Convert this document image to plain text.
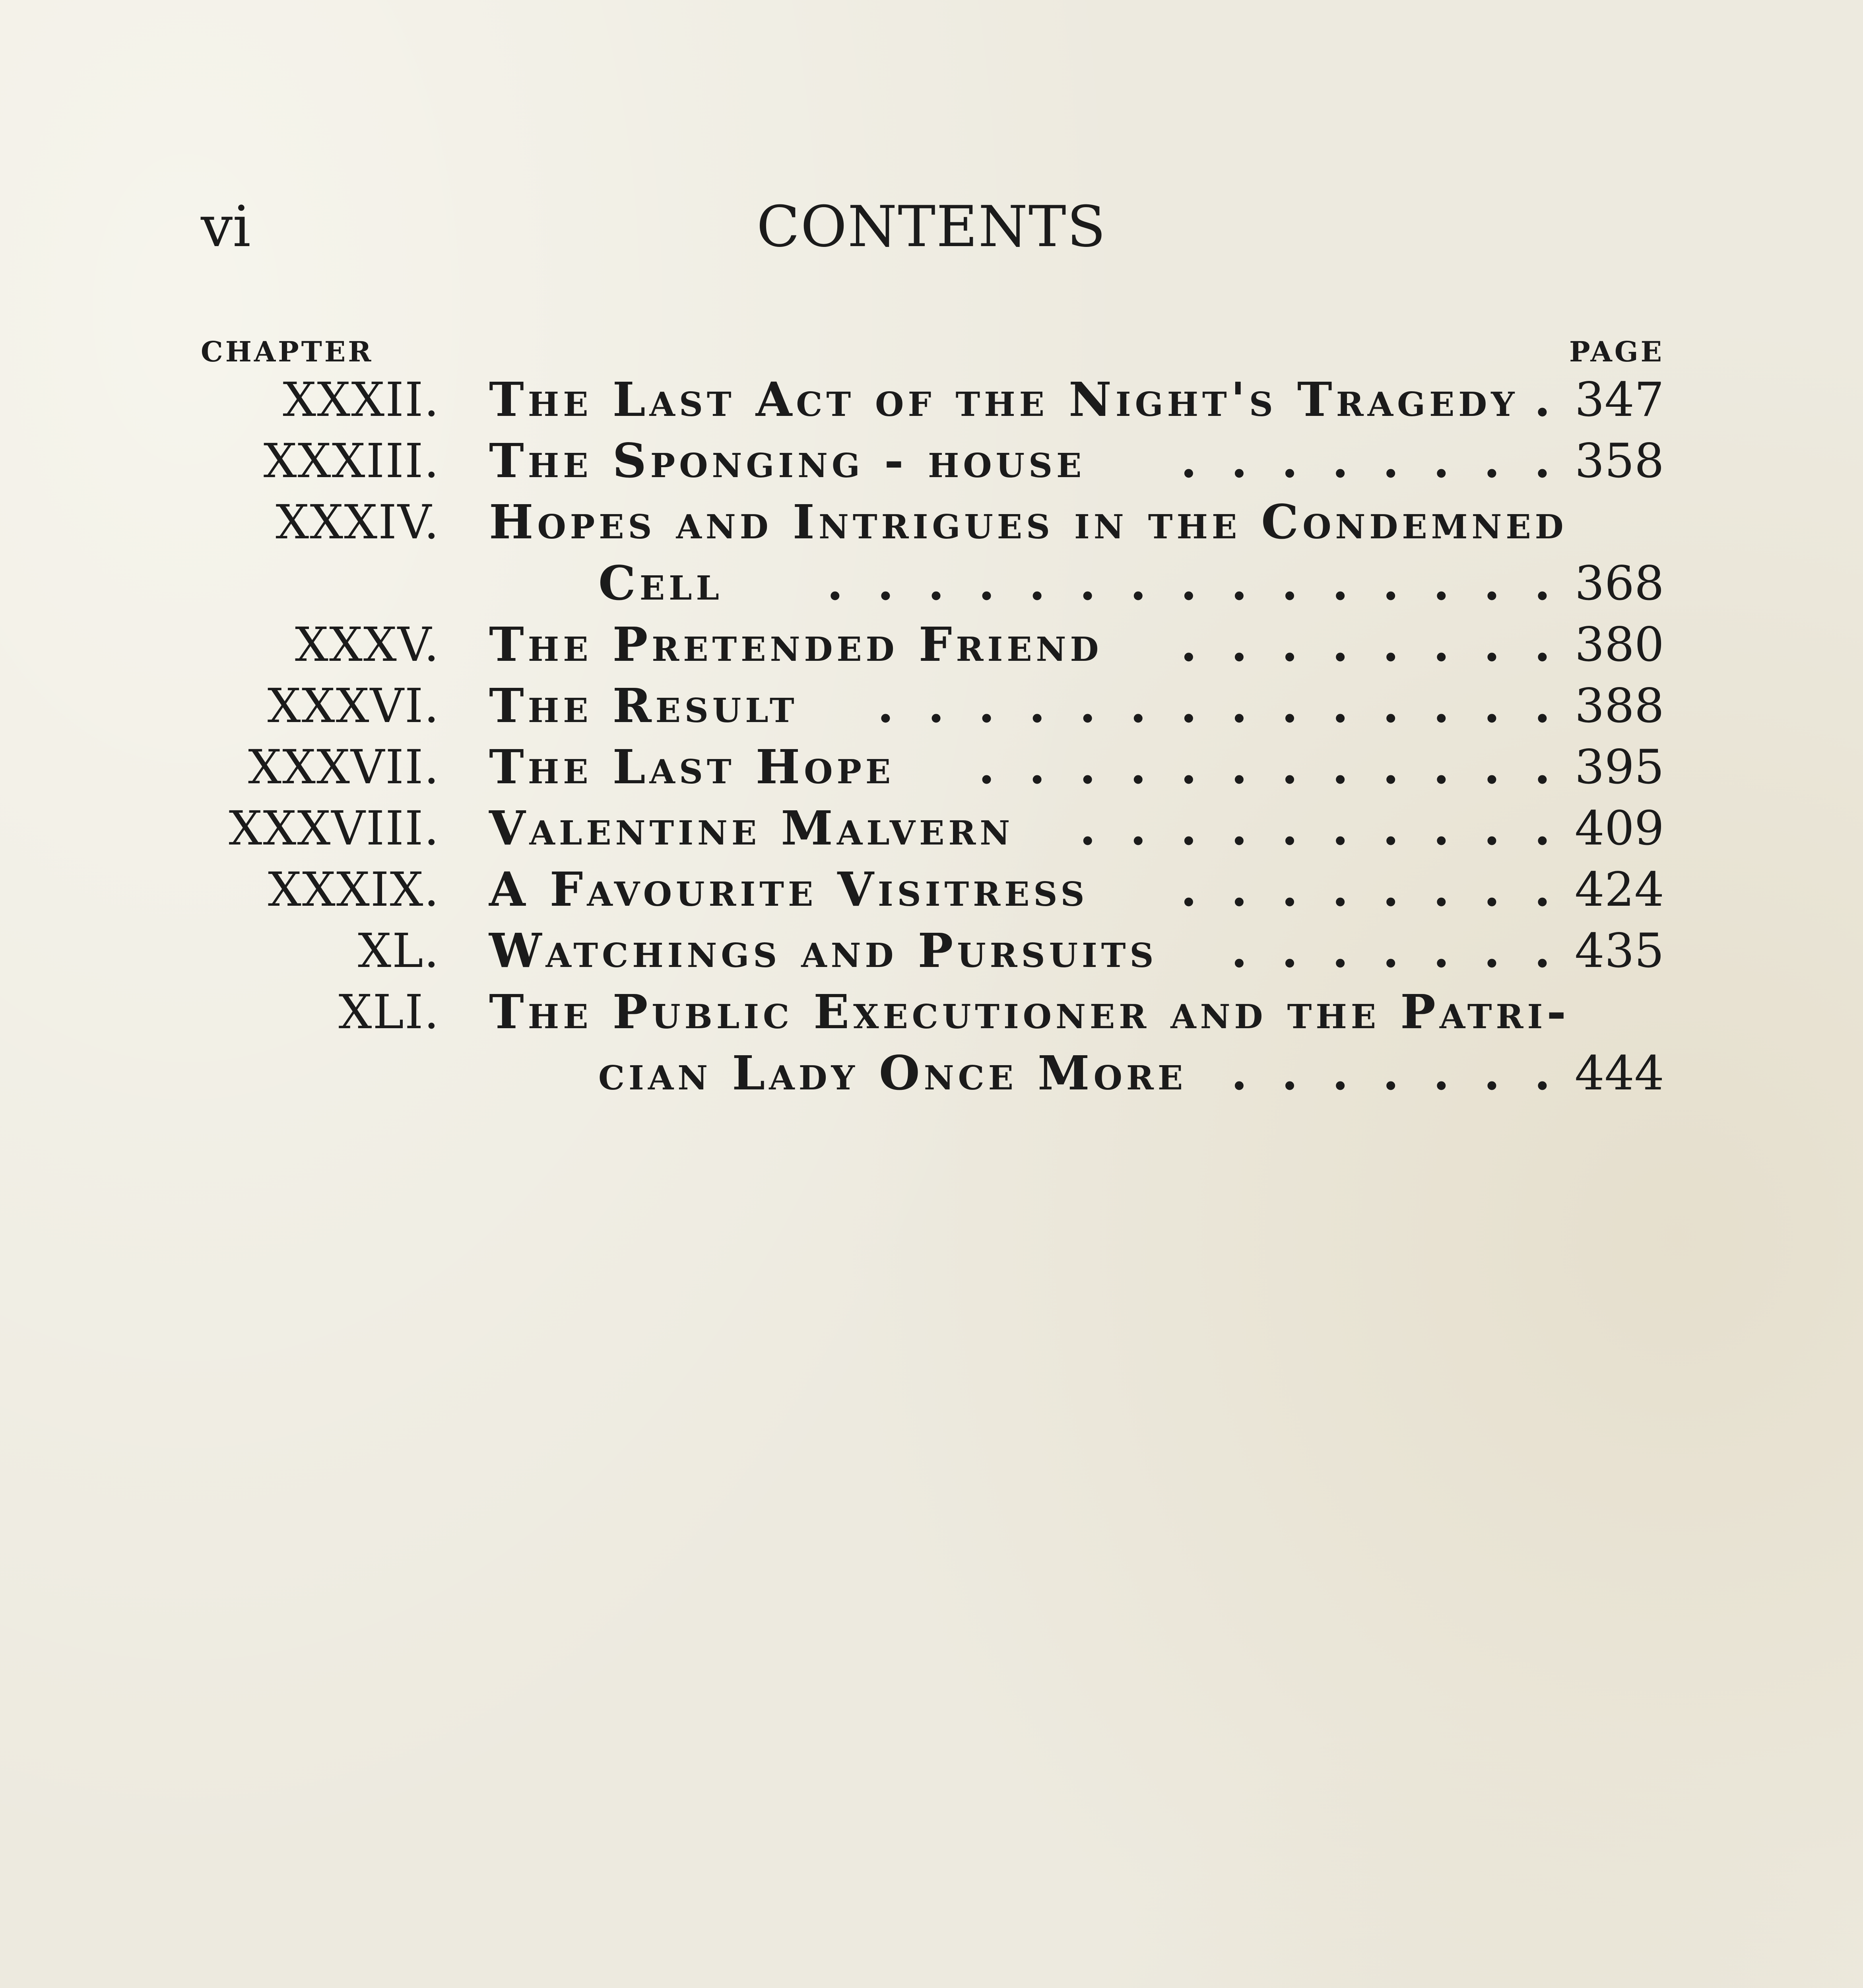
vi	CONTENTS
CHAPTER	PAGE
XXXII. The Last Act of the Night's Tragedy .
347
XXXIII. The Sponging - house ........
358
XXXIV. Hopes and Intrigues in the Condemned
Cell ...............
368
XXXV. The Pretended Friend ........
380
XXXVI. The Result ..............
388
XXXVII. The Last Hope ............
395
XXXVIII. Valentine Malvern ..........
409
XXXIX. A Favourite Visitress ........
424
XL. Watchings and Pursuits .......
435
XLI. The Public Executioner and the Patri-
cian Lady Once More .......
444
